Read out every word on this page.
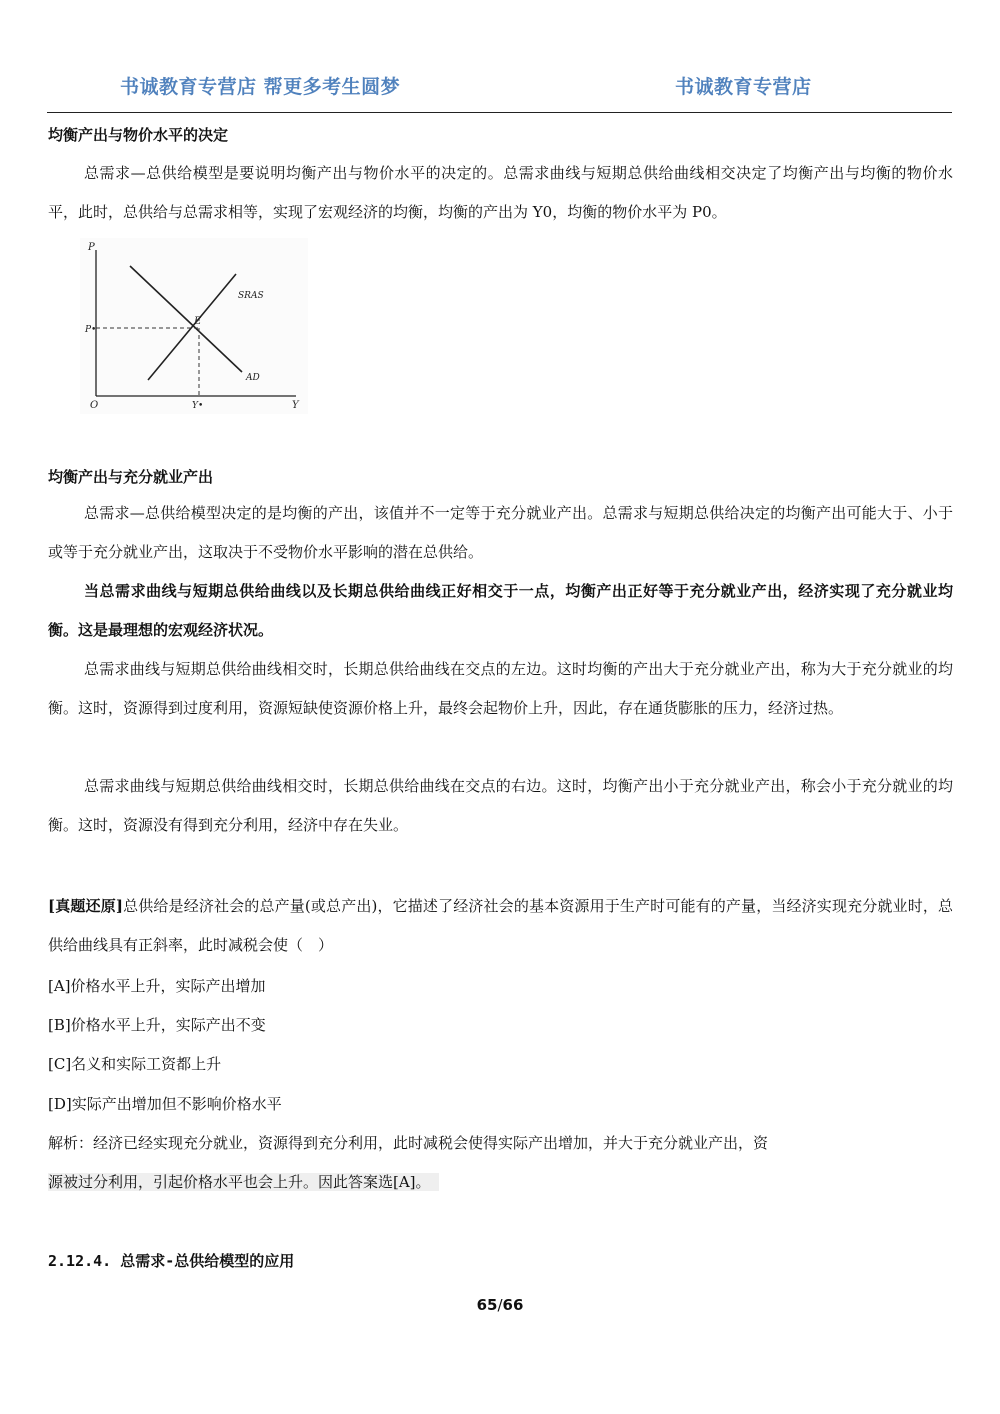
书诚教育专营店 帮更多考生圆梦	书诚教育专营店
均衡产出与物价水平的决定
总需求—总供给模型是要说明均衡产出与物价水平的决定的。总需求曲线与短期总供给曲线相交决定了均衡产出与均衡的物价水平，此时，总供给与总需求相等，实现了宏观经济的均衡，均衡的产出为 Y0，均衡的物价水平为 P0。
P
Y
O
P•
Y•
E
SRAS
AD
均衡产出与充分就业产出
总需求—总供给模型决定的是均衡的产出，该值并不一定等于充分就业产出。总需求与短期总供给决定的均衡产出可能大于、小于或等于充分就业产出，这取决于不受物价水平影响的潜在总供给。
当总需求曲线与短期总供给曲线以及长期总供给曲线正好相交于一点，均衡产出正好等于充分就业产出，经济实现了充分就业均衡。这是最理想的宏观经济状况。
总需求曲线与短期总供给曲线相交时，长期总供给曲线在交点的左边。这时均衡的产出大于充分就业产出，称为大于充分就业的均衡。这时，资源得到过度利用，资源短缺使资源价格上升，最终会起物价上升，因此，存在通货膨胀的压力，经济过热。
总需求曲线与短期总供给曲线相交时，长期总供给曲线在交点的右边。这时，均衡产出小于充分就业产出，称会小于充分就业的均衡。这时，资源没有得到充分利用，经济中存在失业。
[真题还原]总供给是经济社会的总产量(或总产出)，它描述了经济社会的基本资源用于生产时可能有的产量，当经济实现充分就业时，总供给曲线具有正斜率，此时减税会使（　）
[A]价格水平上升，实际产出增加
[B]价格水平上升，实际产出不变
[C]名义和实际工资都上升
[D]实际产出增加但不影响价格水平
解析：经济已经实现充分就业，资源得到充分利用，此时减税会使得实际产出增加，并大于充分就业产出，资
源被过分利用，引起价格水平也会上升。因此答案选[A]。
2.12.4. 总需求-总供给模型的应用
65/66
